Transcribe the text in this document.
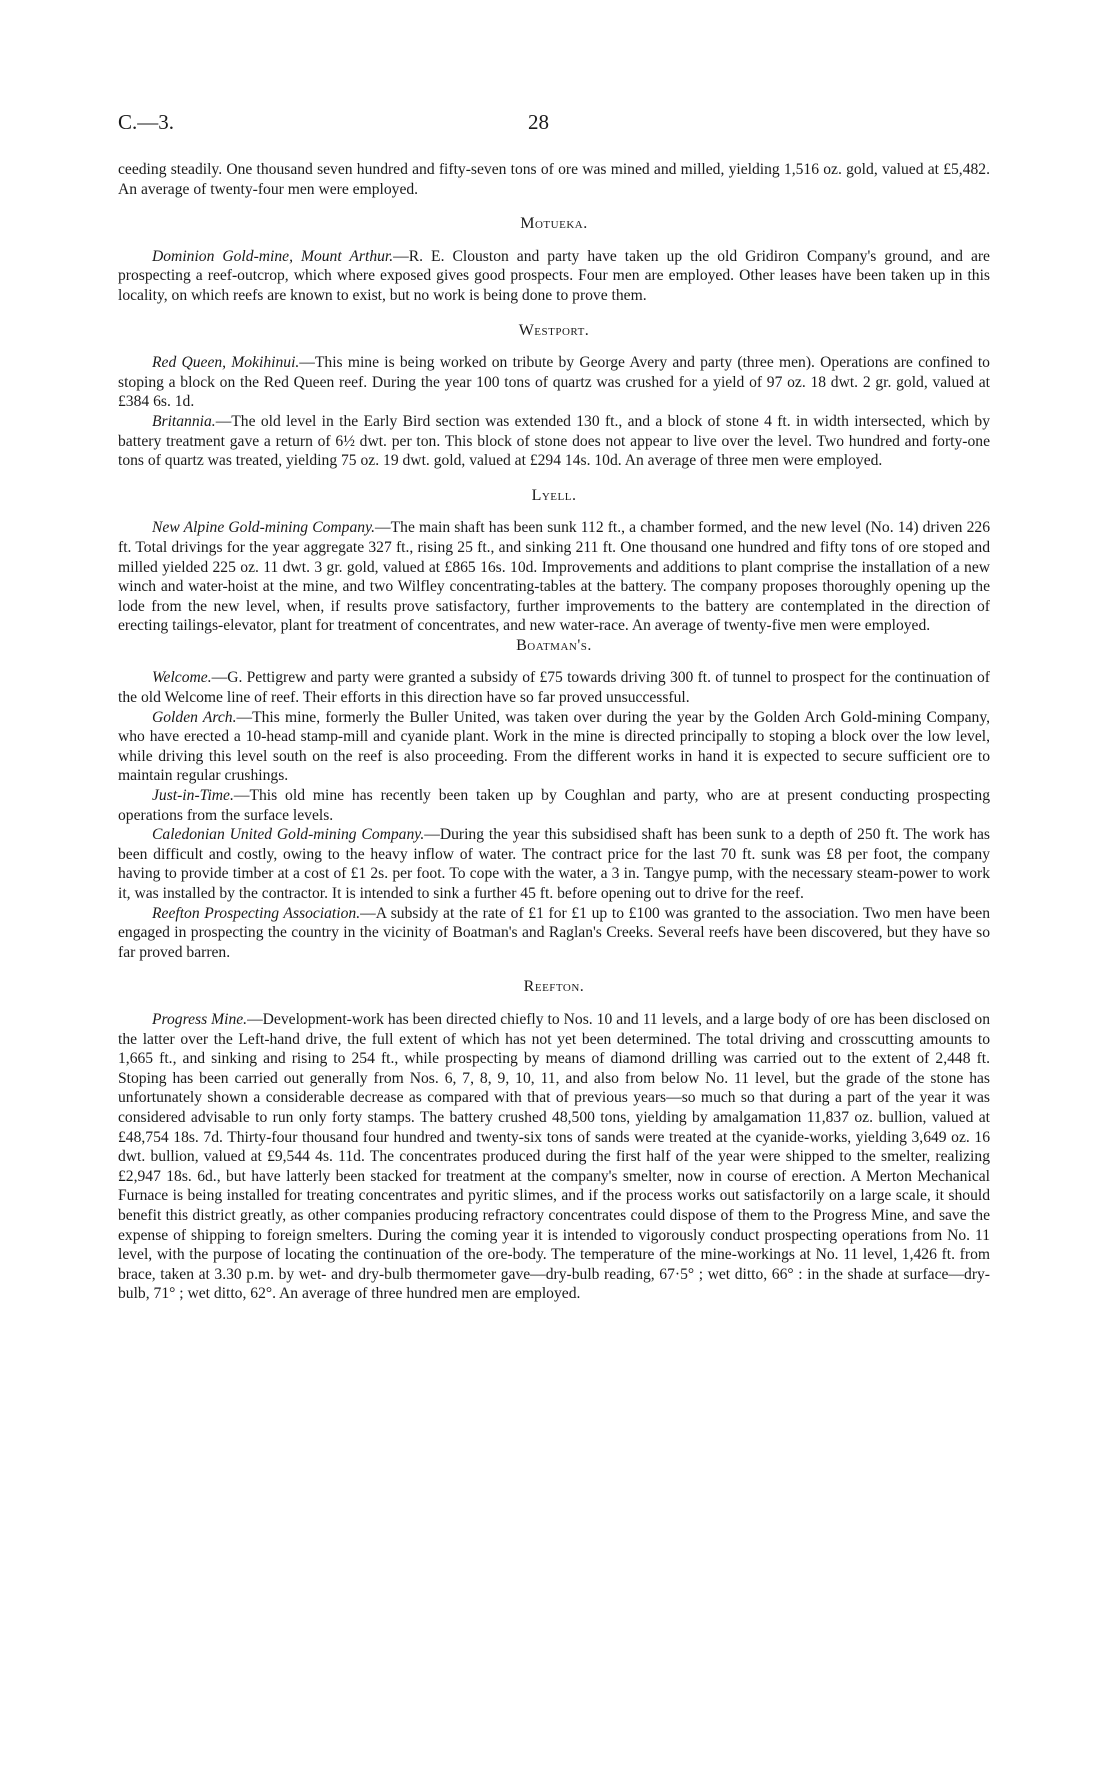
C.—3.	28

ceeding steadily. One thousand seven hundred and fifty-seven tons of ore was mined and milled, yielding 1,516 oz. gold, valued at £5,482. An average of twenty-four men were employed.

Motueka.

Dominion Gold-mine, Mount Arthur.—R. E. Clouston and party have taken up the old Gridiron Company's ground, and are prospecting a reef-outcrop, which where exposed gives good prospects. Four men are employed. Other leases have been taken up in this locality, on which reefs are known to exist, but no work is being done to prove them.

Westport.

Red Queen, Mokihinui.—This mine is being worked on tribute by George Avery and party (three men). Operations are confined to stoping a block on the Red Queen reef. During the year 100 tons of quartz was crushed for a yield of 97 oz. 18 dwt. 2 gr. gold, valued at £384 6s. 1d.

Britannia.—The old level in the Early Bird section was extended 130 ft., and a block of stone 4 ft. in width intersected, which by battery treatment gave a return of 6½ dwt. per ton. This block of stone does not appear to live over the level. Two hundred and forty-one tons of quartz was treated, yielding 75 oz. 19 dwt. gold, valued at £294 14s. 10d. An average of three men were employed.

Lyell.

New Alpine Gold-mining Company.—The main shaft has been sunk 112 ft., a chamber formed, and the new level (No. 14) driven 226 ft. Total drivings for the year aggregate 327 ft., rising 25 ft., and sinking 211 ft. One thousand one hundred and fifty tons of ore stoped and milled yielded 225 oz. 11 dwt. 3 gr. gold, valued at £865 16s. 10d. Improvements and additions to plant comprise the installation of a new winch and water-hoist at the mine, and two Wilfley concentrating-tables at the battery. The company proposes thoroughly opening up the lode from the new level, when, if results prove satisfactory, further improvements to the battery are contemplated in the direction of erecting tailings-elevator, plant for treatment of concentrates, and new water-race. An average of twenty-five men were employed.

Boatman's.

Welcome.—G. Pettigrew and party were granted a subsidy of £75 towards driving 300 ft. of tunnel to prospect for the continuation of the old Welcome line of reef. Their efforts in this direction have so far proved unsuccessful.

Golden Arch.—This mine, formerly the Buller United, was taken over during the year by the Golden Arch Gold-mining Company, who have erected a 10-head stamp-mill and cyanide plant. Work in the mine is directed principally to stoping a block over the low level, while driving this level south on the reef is also proceeding. From the different works in hand it is expected to secure sufficient ore to maintain regular crushings.

Just-in-Time.—This old mine has recently been taken up by Coughlan and party, who are at present conducting prospecting operations from the surface levels.

Caledonian United Gold-mining Company.—During the year this subsidised shaft has been sunk to a depth of 250 ft. The work has been difficult and costly, owing to the heavy inflow of water. The contract price for the last 70 ft. sunk was £8 per foot, the company having to provide timber at a cost of £1 2s. per foot. To cope with the water, a 3 in. Tangye pump, with the necessary steam-power to work it, was installed by the contractor. It is intended to sink a further 45 ft. before opening out to drive for the reef.

Reefton Prospecting Association.—A subsidy at the rate of £1 for £1 up to £100 was granted to the association. Two men have been engaged in prospecting the country in the vicinity of Boatman's and Raglan's Creeks. Several reefs have been discovered, but they have so far proved barren.

Reefton.

Progress Mine.—Development-work has been directed chiefly to Nos. 10 and 11 levels, and a large body of ore has been disclosed on the latter over the Left-hand drive, the full extent of which has not yet been determined. The total driving and crosscutting amounts to 1,665 ft., and sinking and rising to 254 ft., while prospecting by means of diamond drilling was carried out to the extent of 2,448 ft. Stoping has been carried out generally from Nos. 6, 7, 8, 9, 10, 11, and also from below No. 11 level, but the grade of the stone has unfortunately shown a considerable decrease as compared with that of previous years—so much so that during a part of the year it was considered advisable to run only forty stamps. The battery crushed 48,500 tons, yielding by amalgamation 11,837 oz. bullion, valued at £48,754 18s. 7d. Thirty-four thousand four hundred and twenty-six tons of sands were treated at the cyanide-works, yielding 3,649 oz. 16 dwt. bullion, valued at £9,544 4s. 11d. The concentrates produced during the first half of the year were shipped to the smelter, realizing £2,947 18s. 6d., but have latterly been stacked for treatment at the company's smelter, now in course of erection. A Merton Mechanical Furnace is being installed for treating concentrates and pyritic slimes, and if the process works out satisfactorily on a large scale, it should benefit this district greatly, as other companies producing refractory concentrates could dispose of them to the Progress Mine, and save the expense of shipping to foreign smelters. During the coming year it is intended to vigorously conduct prospecting operations from No. 11 level, with the purpose of locating the continuation of the ore-body. The temperature of the mine-workings at No. 11 level, 1,426 ft. from brace, taken at 3.30 p.m. by wet- and dry-bulb thermometer gave—dry-bulb reading, 67·5° ; wet ditto, 66° : in the shade at surface—dry-bulb, 71° ; wet ditto, 62°. An average of three hundred men are employed.
